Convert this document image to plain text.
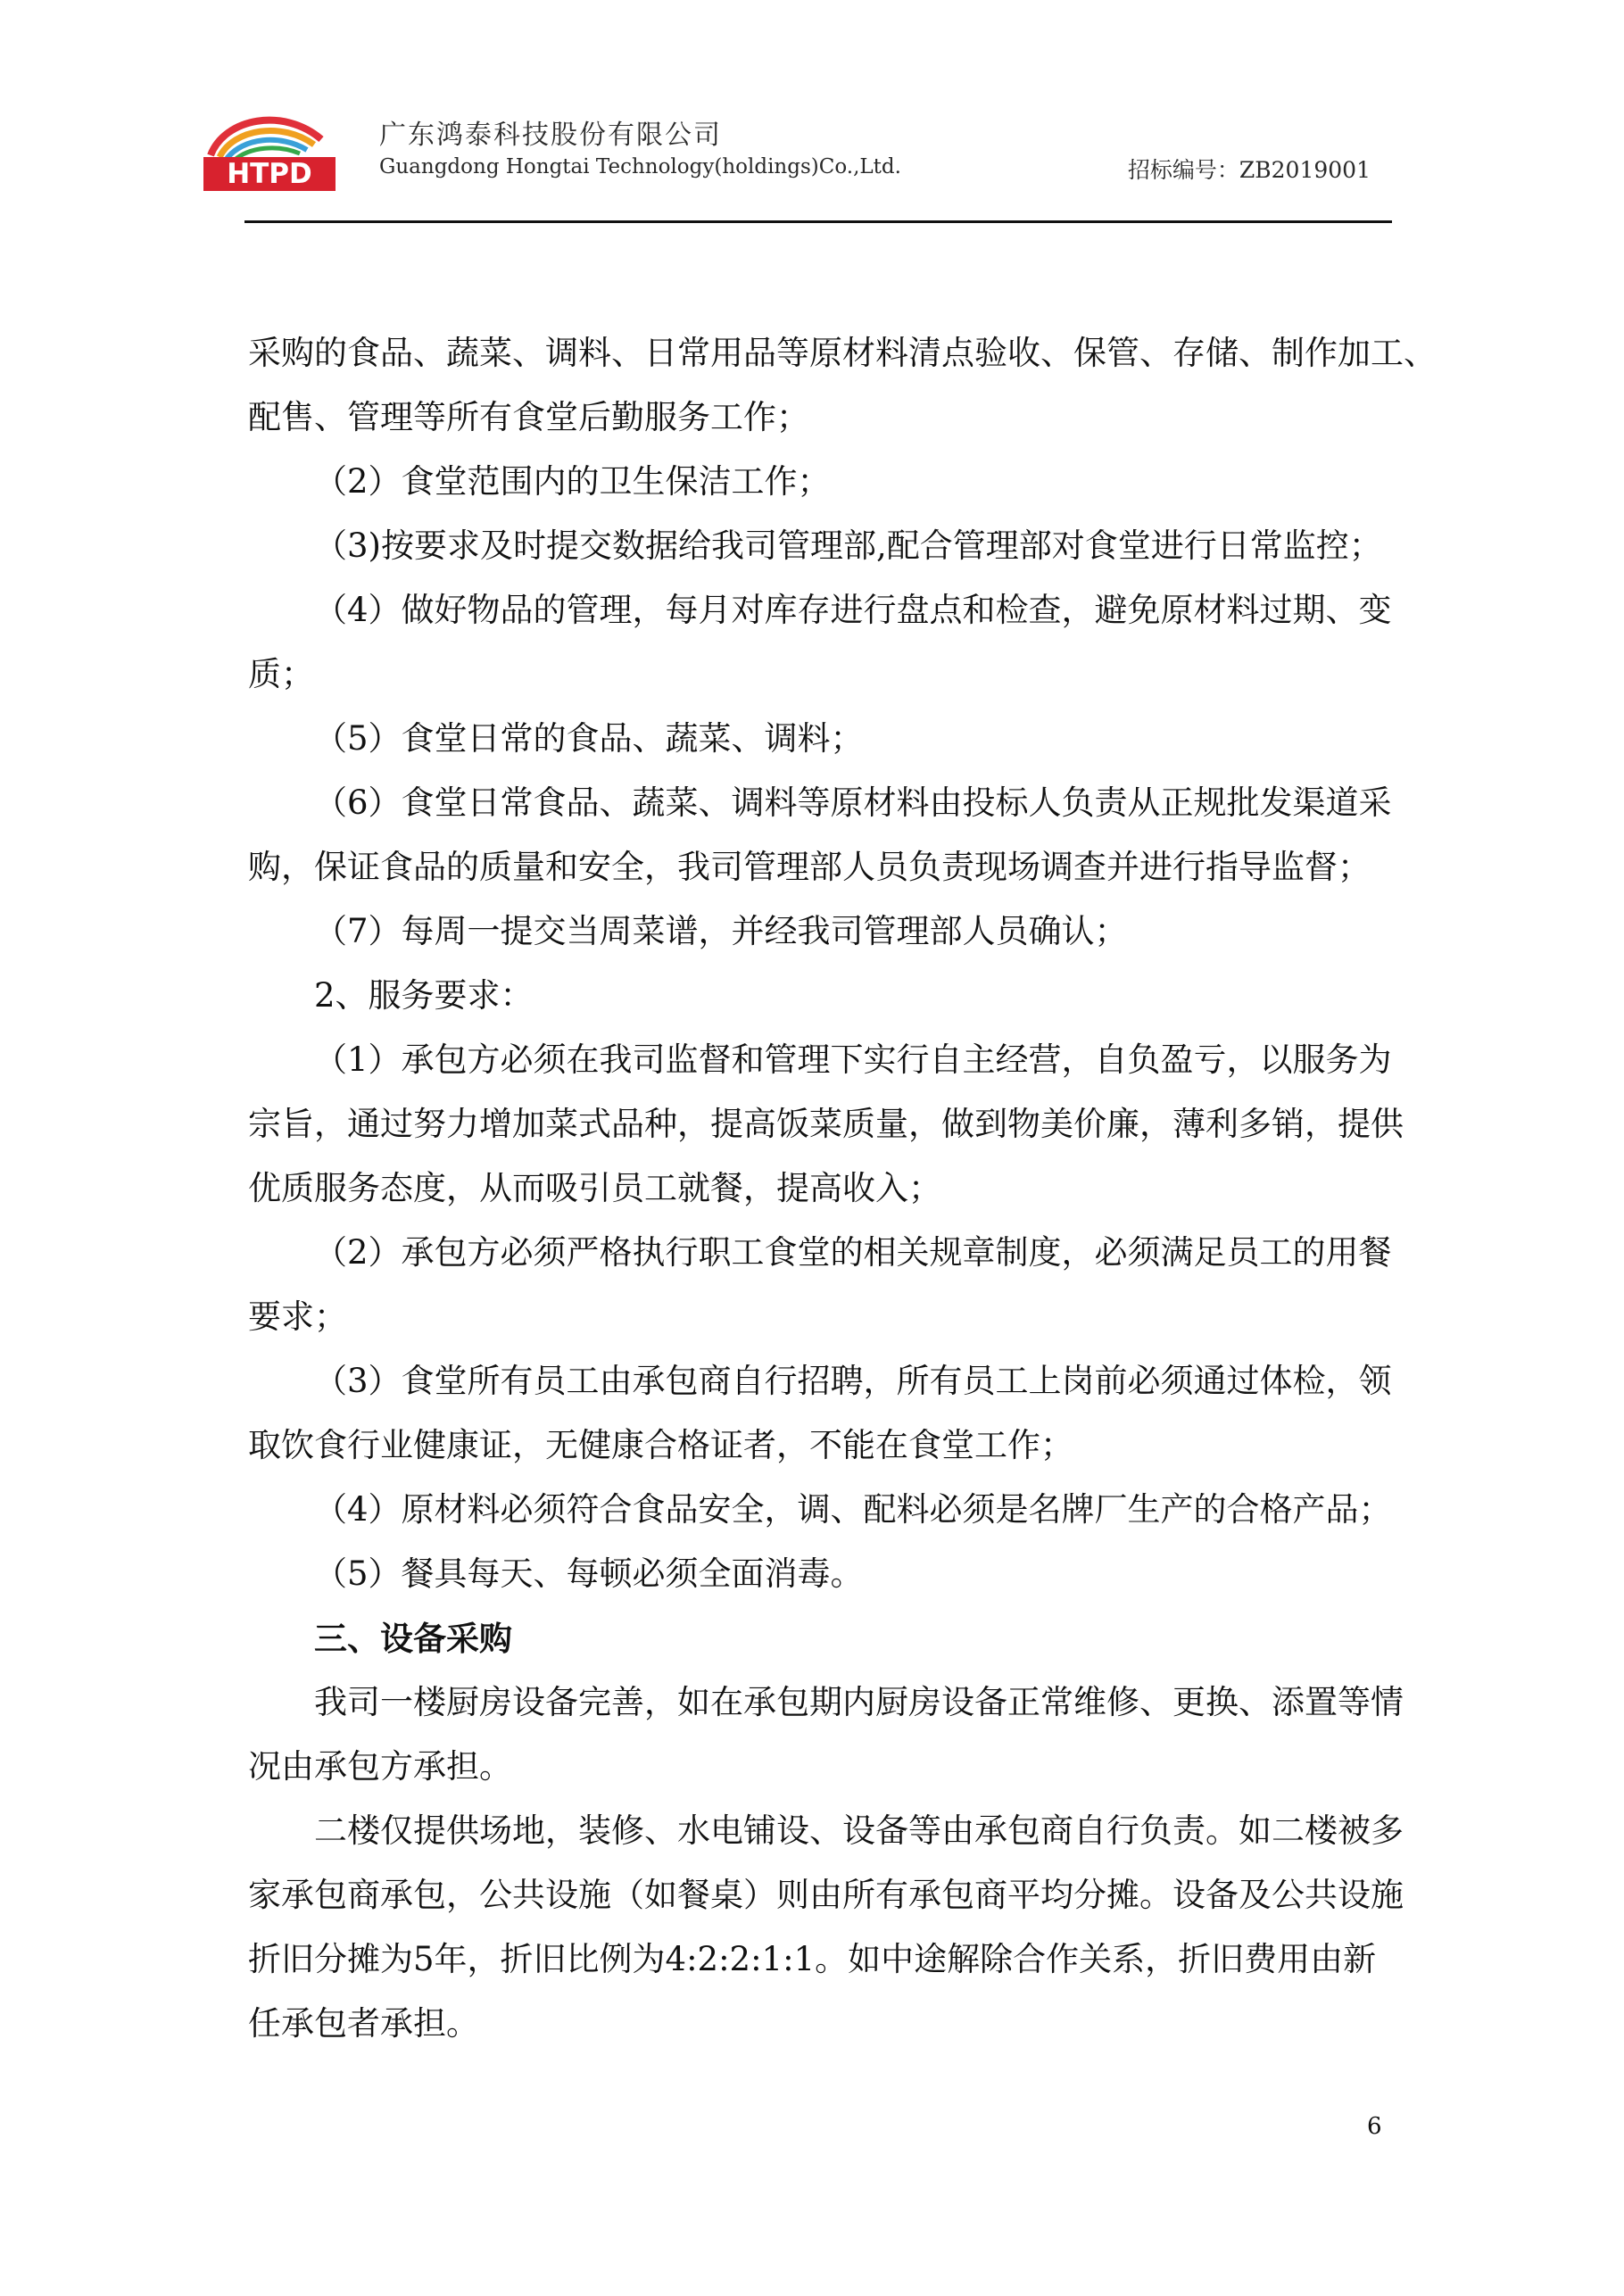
HTPD
广东鸿泰科技股份有限公司
Guangdong Hongtai Technology(holdings)Co.,Ltd.	招标编号：ZB2019001

采购的食品、蔬菜、调料、日常用品等原材料清点验收、保管、存储、制作加工、

配售、管理等所有食堂后勤服务工作；

（2）食堂范围内的卫生保洁工作；

（3)按要求及时提交数据给我司管理部,配合管理部对食堂进行日常监控；

（4）做好物品的管理，每月对库存进行盘点和检查，避免原材料过期、变

质；

（5）食堂日常的食品、蔬菜、调料；

（6）食堂日常食品、蔬菜、调料等原材料由投标人负责从正规批发渠道采

购，保证食品的质量和安全，我司管理部人员负责现场调查并进行指导监督；

（7）每周一提交当周菜谱，并经我司管理部人员确认；

2、服务要求：

（1）承包方必须在我司监督和管理下实行自主经营，自负盈亏，以服务为

宗旨，通过努力增加菜式品种，提高饭菜质量，做到物美价廉，薄利多销，提供

优质服务态度，从而吸引员工就餐，提高收入；

（2）承包方必须严格执行职工食堂的相关规章制度，必须满足员工的用餐

要求；

（3）食堂所有员工由承包商自行招聘，所有员工上岗前必须通过体检，领

取饮食行业健康证，无健康合格证者，不能在食堂工作；

（4）原材料必须符合食品安全，调、配料必须是名牌厂生产的合格产品；

（5）餐具每天、每顿必须全面消毒。

三、设备采购

我司一楼厨房设备完善，如在承包期内厨房设备正常维修、更换、添置等情

况由承包方承担。

二楼仅提供场地，装修、水电铺设、设备等由承包商自行负责。如二楼被多

家承包商承包，公共设施（如餐桌）则由所有承包商平均分摊。设备及公共设施

折旧分摊为5年，折旧比例为4:2:2:1:1。如中途解除合作关系，折旧费用由新

任承包者承担。

6
